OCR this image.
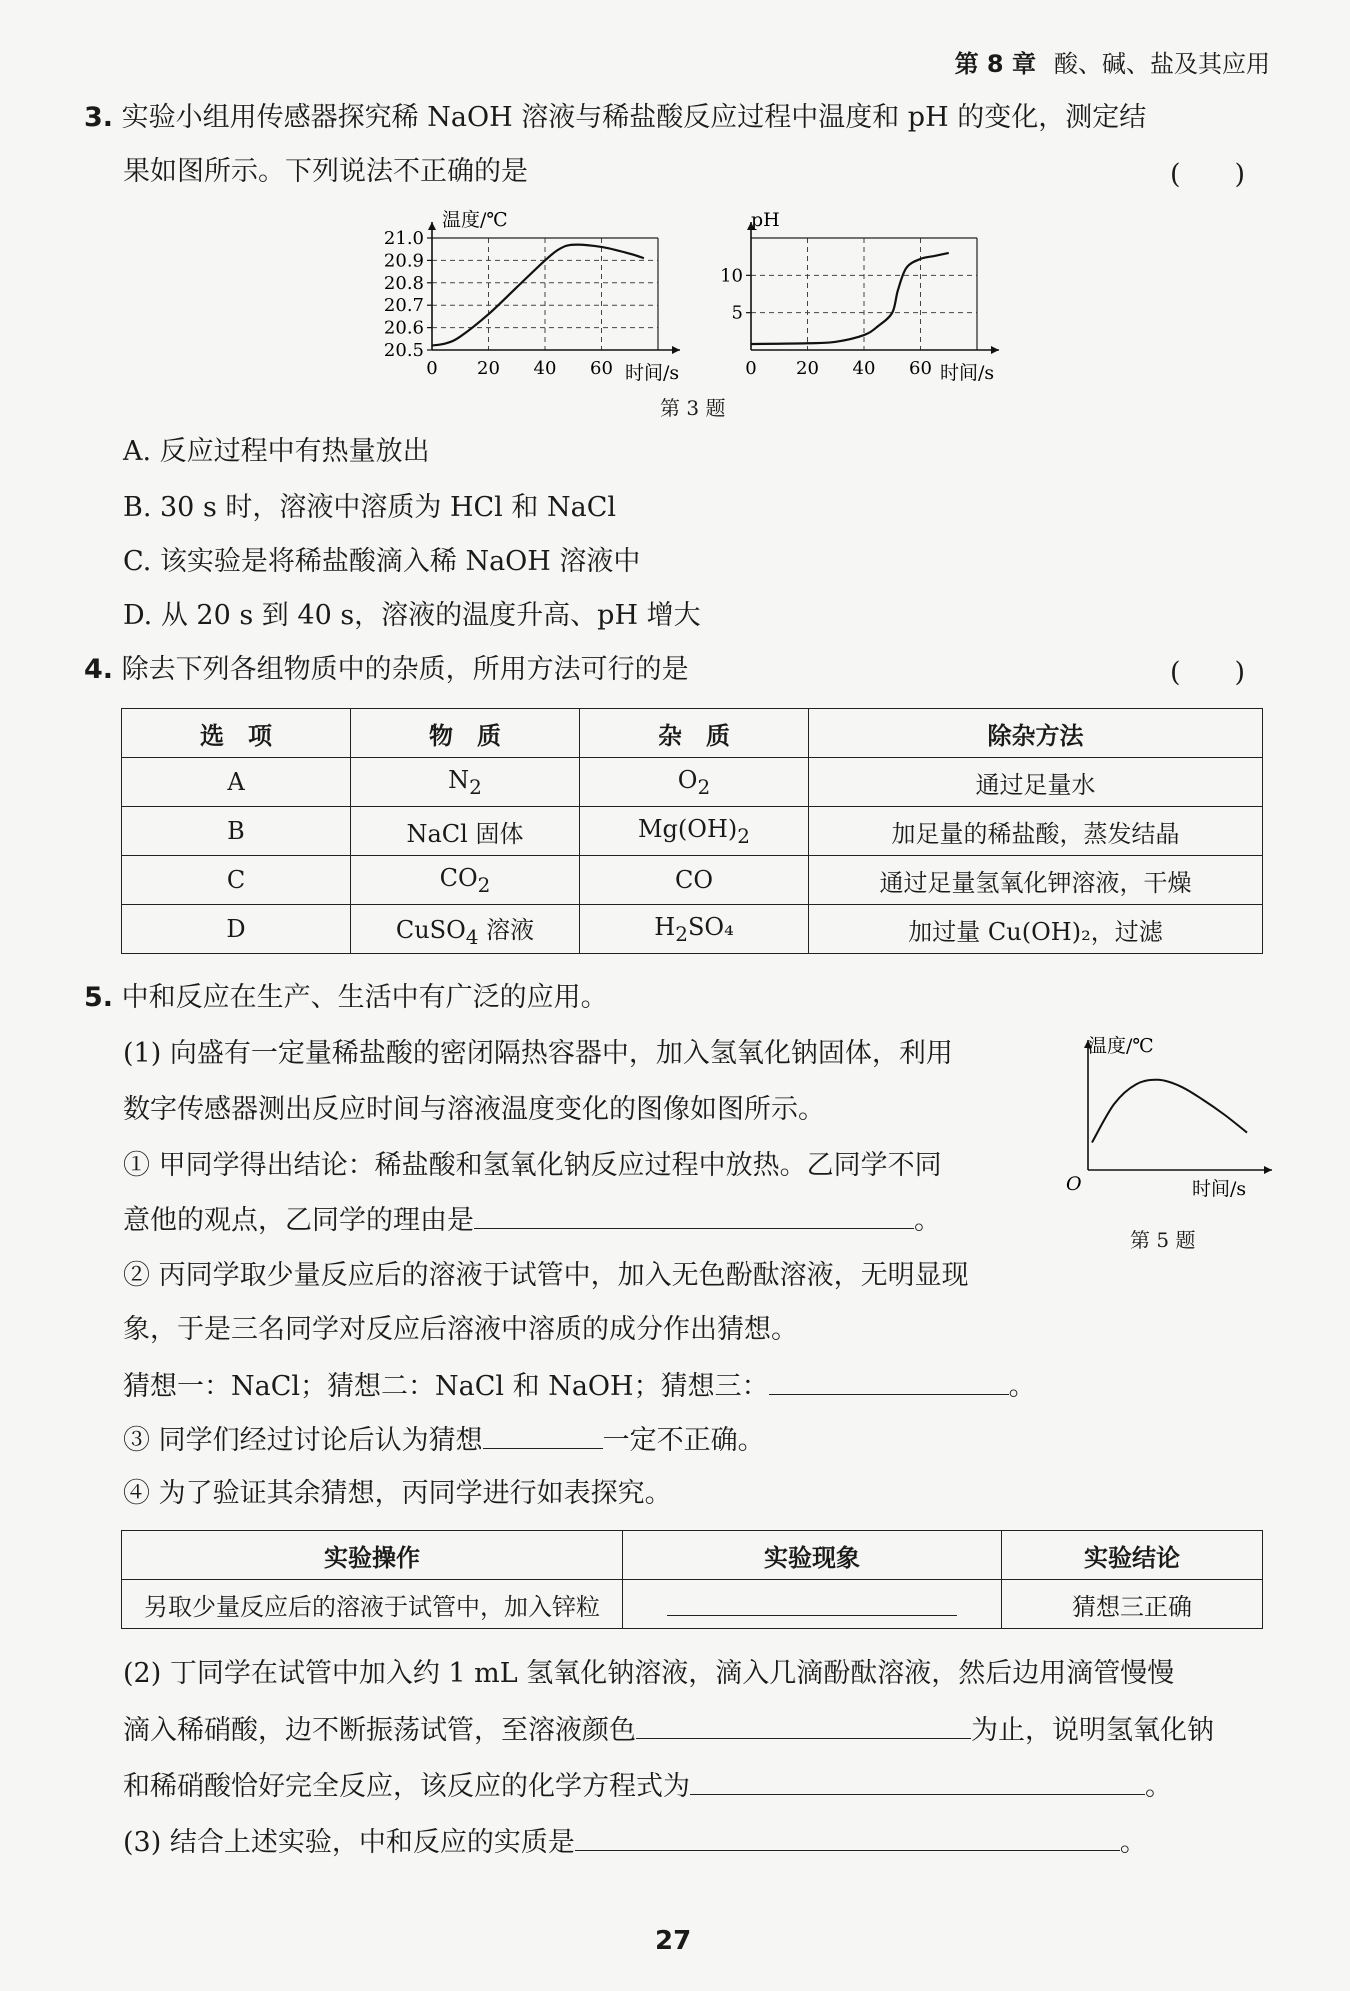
第 8 章 酸、碱、盐及其应用
3. 实验小组用传感器探究稀 NaOH 溶液与稀盐酸反应过程中温度和 pH 的变化，测定结
果如图所示。下列说法不正确的是	(　　)
20.5
20.6
20.7
20.8
20.9
21.0
0 20 40 60
温度/℃
时间/s
5
10
0 20 40 60
pH
时间/s
第 3 题
A. 反应过程中有热量放出
B. 30 s 时，溶液中溶质为 HCl 和 NaCl
C. 该实验是将稀盐酸滴入稀 NaOH 溶液中
D. 从 20 s 到 40 s，溶液的温度升高、pH 增大
4. 除去下列各组物质中的杂质，所用方法可行的是	(　　)
选　项	物　质	杂　质	除杂方法
A	$N_2$	$O_2$	通过足量水
B	NaCl 固体	$Mg(OH)_2$	加足量的稀盐酸，蒸发结晶
C	$CO_2$	CO	通过足量氢氧化钾溶液，干燥
D	CuSO$_4$ 溶液	$H_2SO_4$	加过量 Cu(OH)₂，过滤
5. 中和反应在生产、生活中有广泛的应用。
(1) 向盛有一定量稀盐酸的密闭隔热容器中，加入氢氧化钠固体，利用
数字传感器测出反应时间与溶液温度变化的图像如图所示。
① 甲同学得出结论：稀盐酸和氢氧化钠反应过程中放热。乙同学不同
意他的观点，乙同学的理由是	。
温度/℃
时间/s
O
第 5 题
② 丙同学取少量反应后的溶液于试管中，加入无色酚酞溶液，无明显现
象，于是三名同学对反应后溶液中溶质的成分作出猜想。
猜想一：NaCl；猜想二：NaCl 和 NaOH；猜想三：	。
③ 同学们经过讨论后认为猜想	一定不正确。
④ 为了验证其余猜想，丙同学进行如表探究。
实验操作	实验现象	实验结论
另取少量反应后的溶液于试管中，加入锌粒		猜想三正确
(2) 丁同学在试管中加入约 1 mL 氢氧化钠溶液，滴入几滴酚酞溶液，然后边用滴管慢慢
滴入稀硝酸，边不断振荡试管，至溶液颜色	为止，说明氢氧化钠
和稀硝酸恰好完全反应，该反应的化学方程式为	。
(3) 结合上述实验，中和反应的实质是	。
27
